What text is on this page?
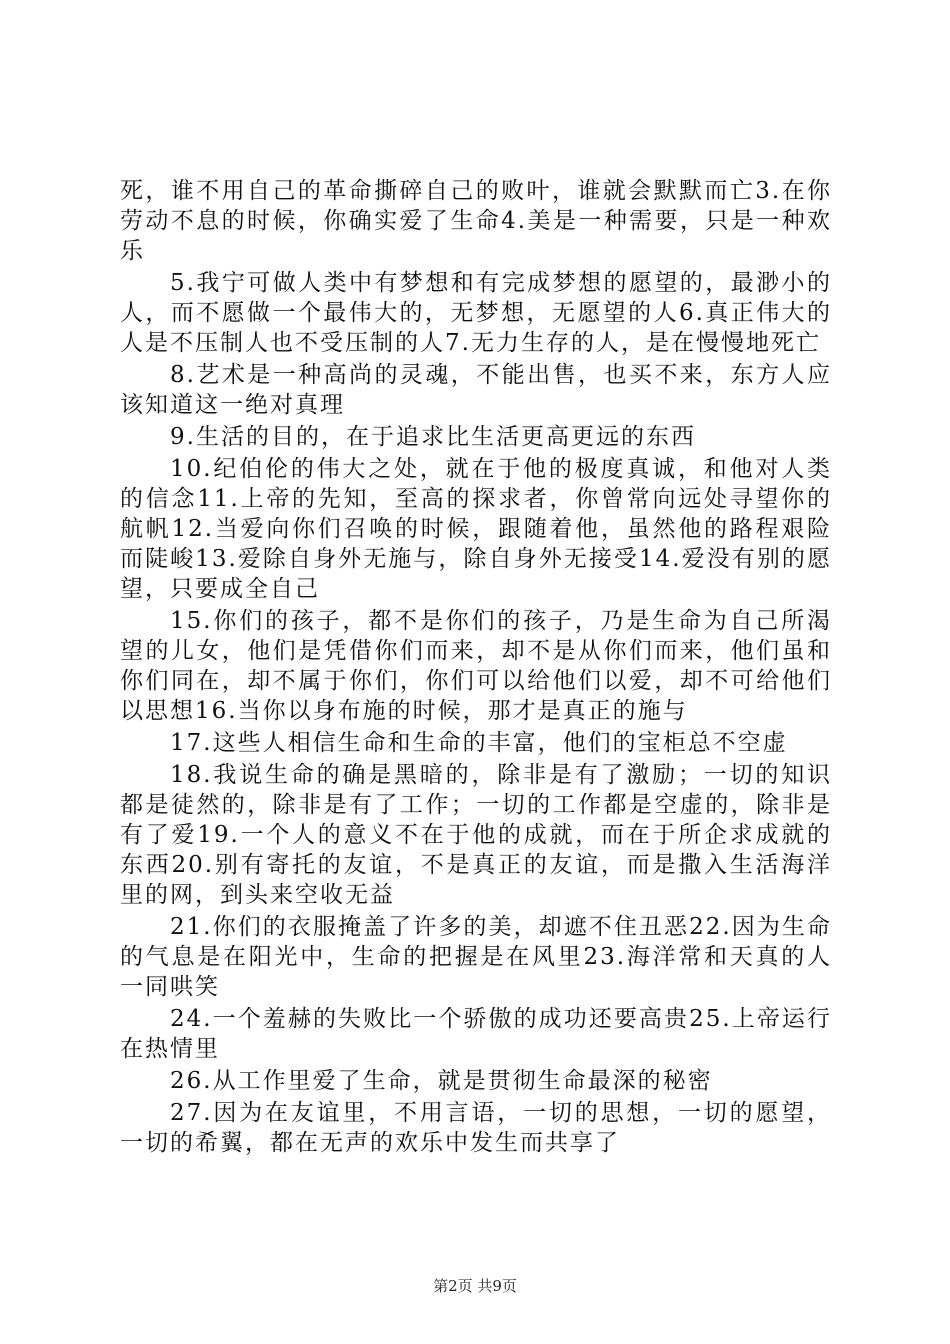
死，谁不用自己的革命撕碎自己的败叶，谁就会默默而亡3.在你劳动不息的时候，你确实爱了生命4.美是一种需要，只是一种欢乐

5.我宁可做人类中有梦想和有完成梦想的愿望的，最渺小的人，而不愿做一个最伟大的，无梦想，无愿望的人6.真正伟大的人是不压制人也不受压制的人7.无力生存的人，是在慢慢地死亡

8.艺术是一种高尚的灵魂，不能出售，也买不来，东方人应该知道这一绝对真理

9.生活的目的，在于追求比生活更高更远的东西

10.纪伯伦的伟大之处，就在于他的极度真诚，和他对人类的信念11.上帝的先知，至高的探求者，你曾常向远处寻望你的航帆12.当爱向你们召唤的时候，跟随着他，虽然他的路程艰险而陡峻13.爱除自身外无施与，除自身外无接受14.爱没有别的愿望，只要成全自己

15.你们的孩子，都不是你们的孩子，乃是生命为自己所渴望的儿女，他们是凭借你们而来，却不是从你们而来，他们虽和你们同在，却不属于你们，你们可以给他们以爱，却不可给他们以思想16.当你以身布施的时候，那才是真正的施与

17.这些人相信生命和生命的丰富，他们的宝柜总不空虚

18.我说生命的确是黑暗的，除非是有了激励；一切的知识都是徒然的，除非是有了工作；一切的工作都是空虚的，除非是有了爱19.一个人的意义不在于他的成就，而在于所企求成就的东西20.别有寄托的友谊，不是真正的友谊，而是撒入生活海洋里的网，到头来空收无益

21.你们的衣服掩盖了许多的美，却遮不住丑恶22.因为生命的气息是在阳光中，生命的把握是在风里23.海洋常和天真的人一同哄笑

24.一个羞赫的失败比一个骄傲的成功还要高贵25.上帝运行在热情里

26.从工作里爱了生命，就是贯彻生命最深的秘密

27.因为在友谊里，不用言语，一切的思想，一切的愿望，一切的希翼，都在无声的欢乐中发生而共享了

第2页 共9页
